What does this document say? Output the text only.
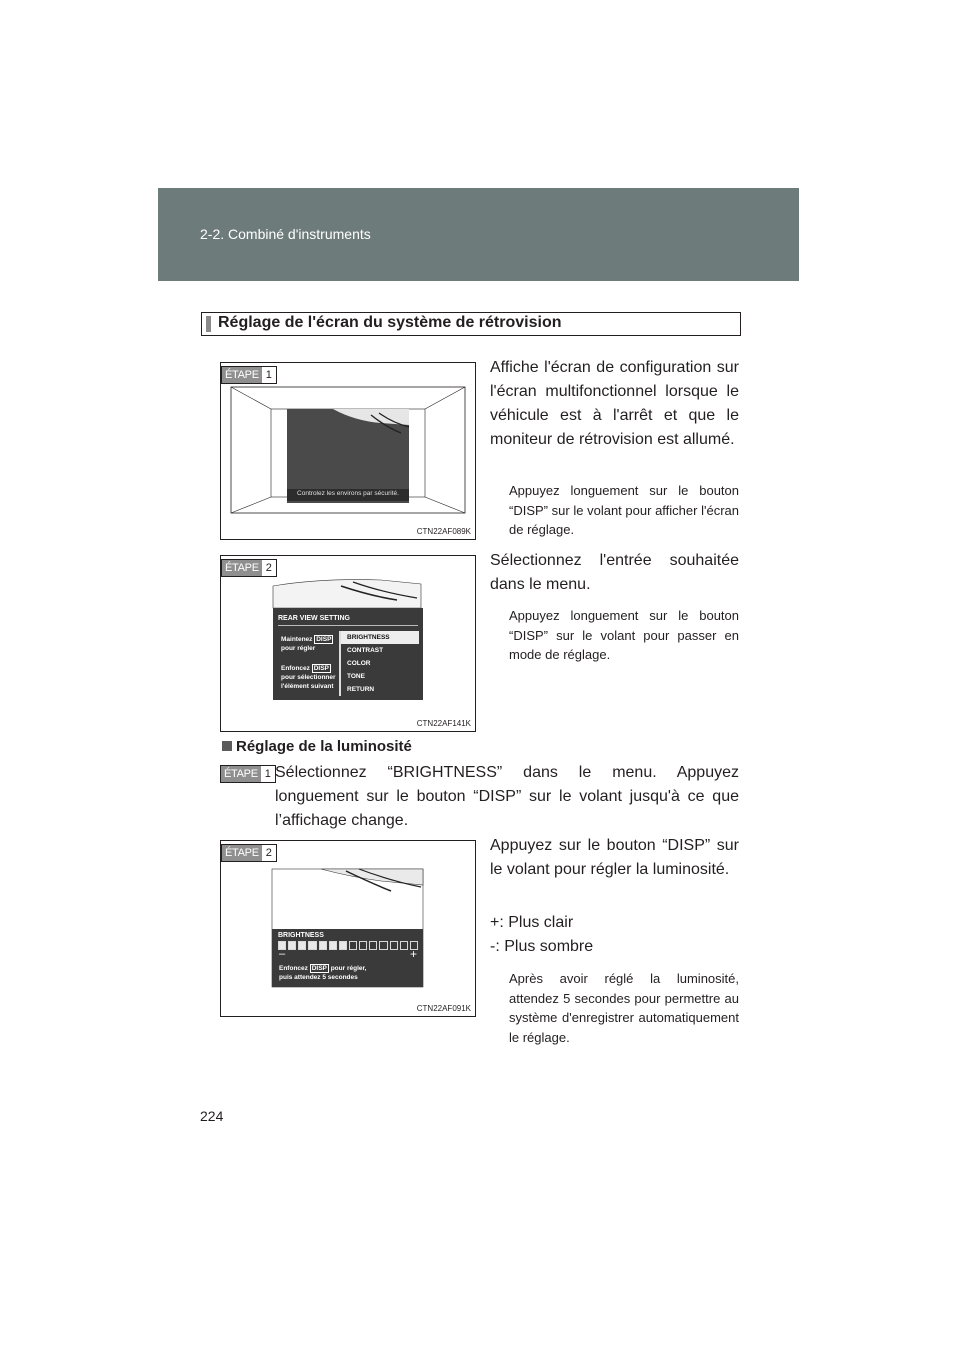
2-2. Combiné d'instruments
Réglage de l'écran du système de rétrovision
ÉTAPE 1
Controlez les environs par sécurité.
CTN22AF089K
Affiche l'écran de configuration sur l'écran multifonctionnel lorsque le véhicule est à l'arrêt et que le moniteur de rétrovision est allumé.
Appuyez longuement sur le bouton “DISP” sur le volant pour afficher l'écran de réglage.
ÉTAPE 2
REAR VIEW SETTING
Maintenez DISP
pour régler
Enfoncez DISP
pour sélectionner
l'élément suivant
BRIGHTNESS
CONTRAST
COLOR
TONE
RETURN
CTN22AF141K
Sélectionnez l'entrée souhaitée dans le menu.
Appuyez longuement sur le bouton “DISP” sur le volant pour passer en mode de réglage.
Réglage de la luminosité
ÉTAPE 1 Sélectionnez “BRIGHTNESS” dans le menu. Appuyez longuement sur le bouton “DISP” sur le volant jusqu'à ce que l’affichage change.
ÉTAPE 2
BRIGHTNESS
–	+
Enfoncez DISP pour régler,
puis attendez 5 secondes
CTN22AF091K
Appuyez sur le bouton “DISP” sur le volant pour régler la luminosité.
+: Plus clair
-: Plus sombre
Après avoir réglé la luminosité, attendez 5 secondes pour permettre au système d'enregistrer automatiquement le réglage.
224
